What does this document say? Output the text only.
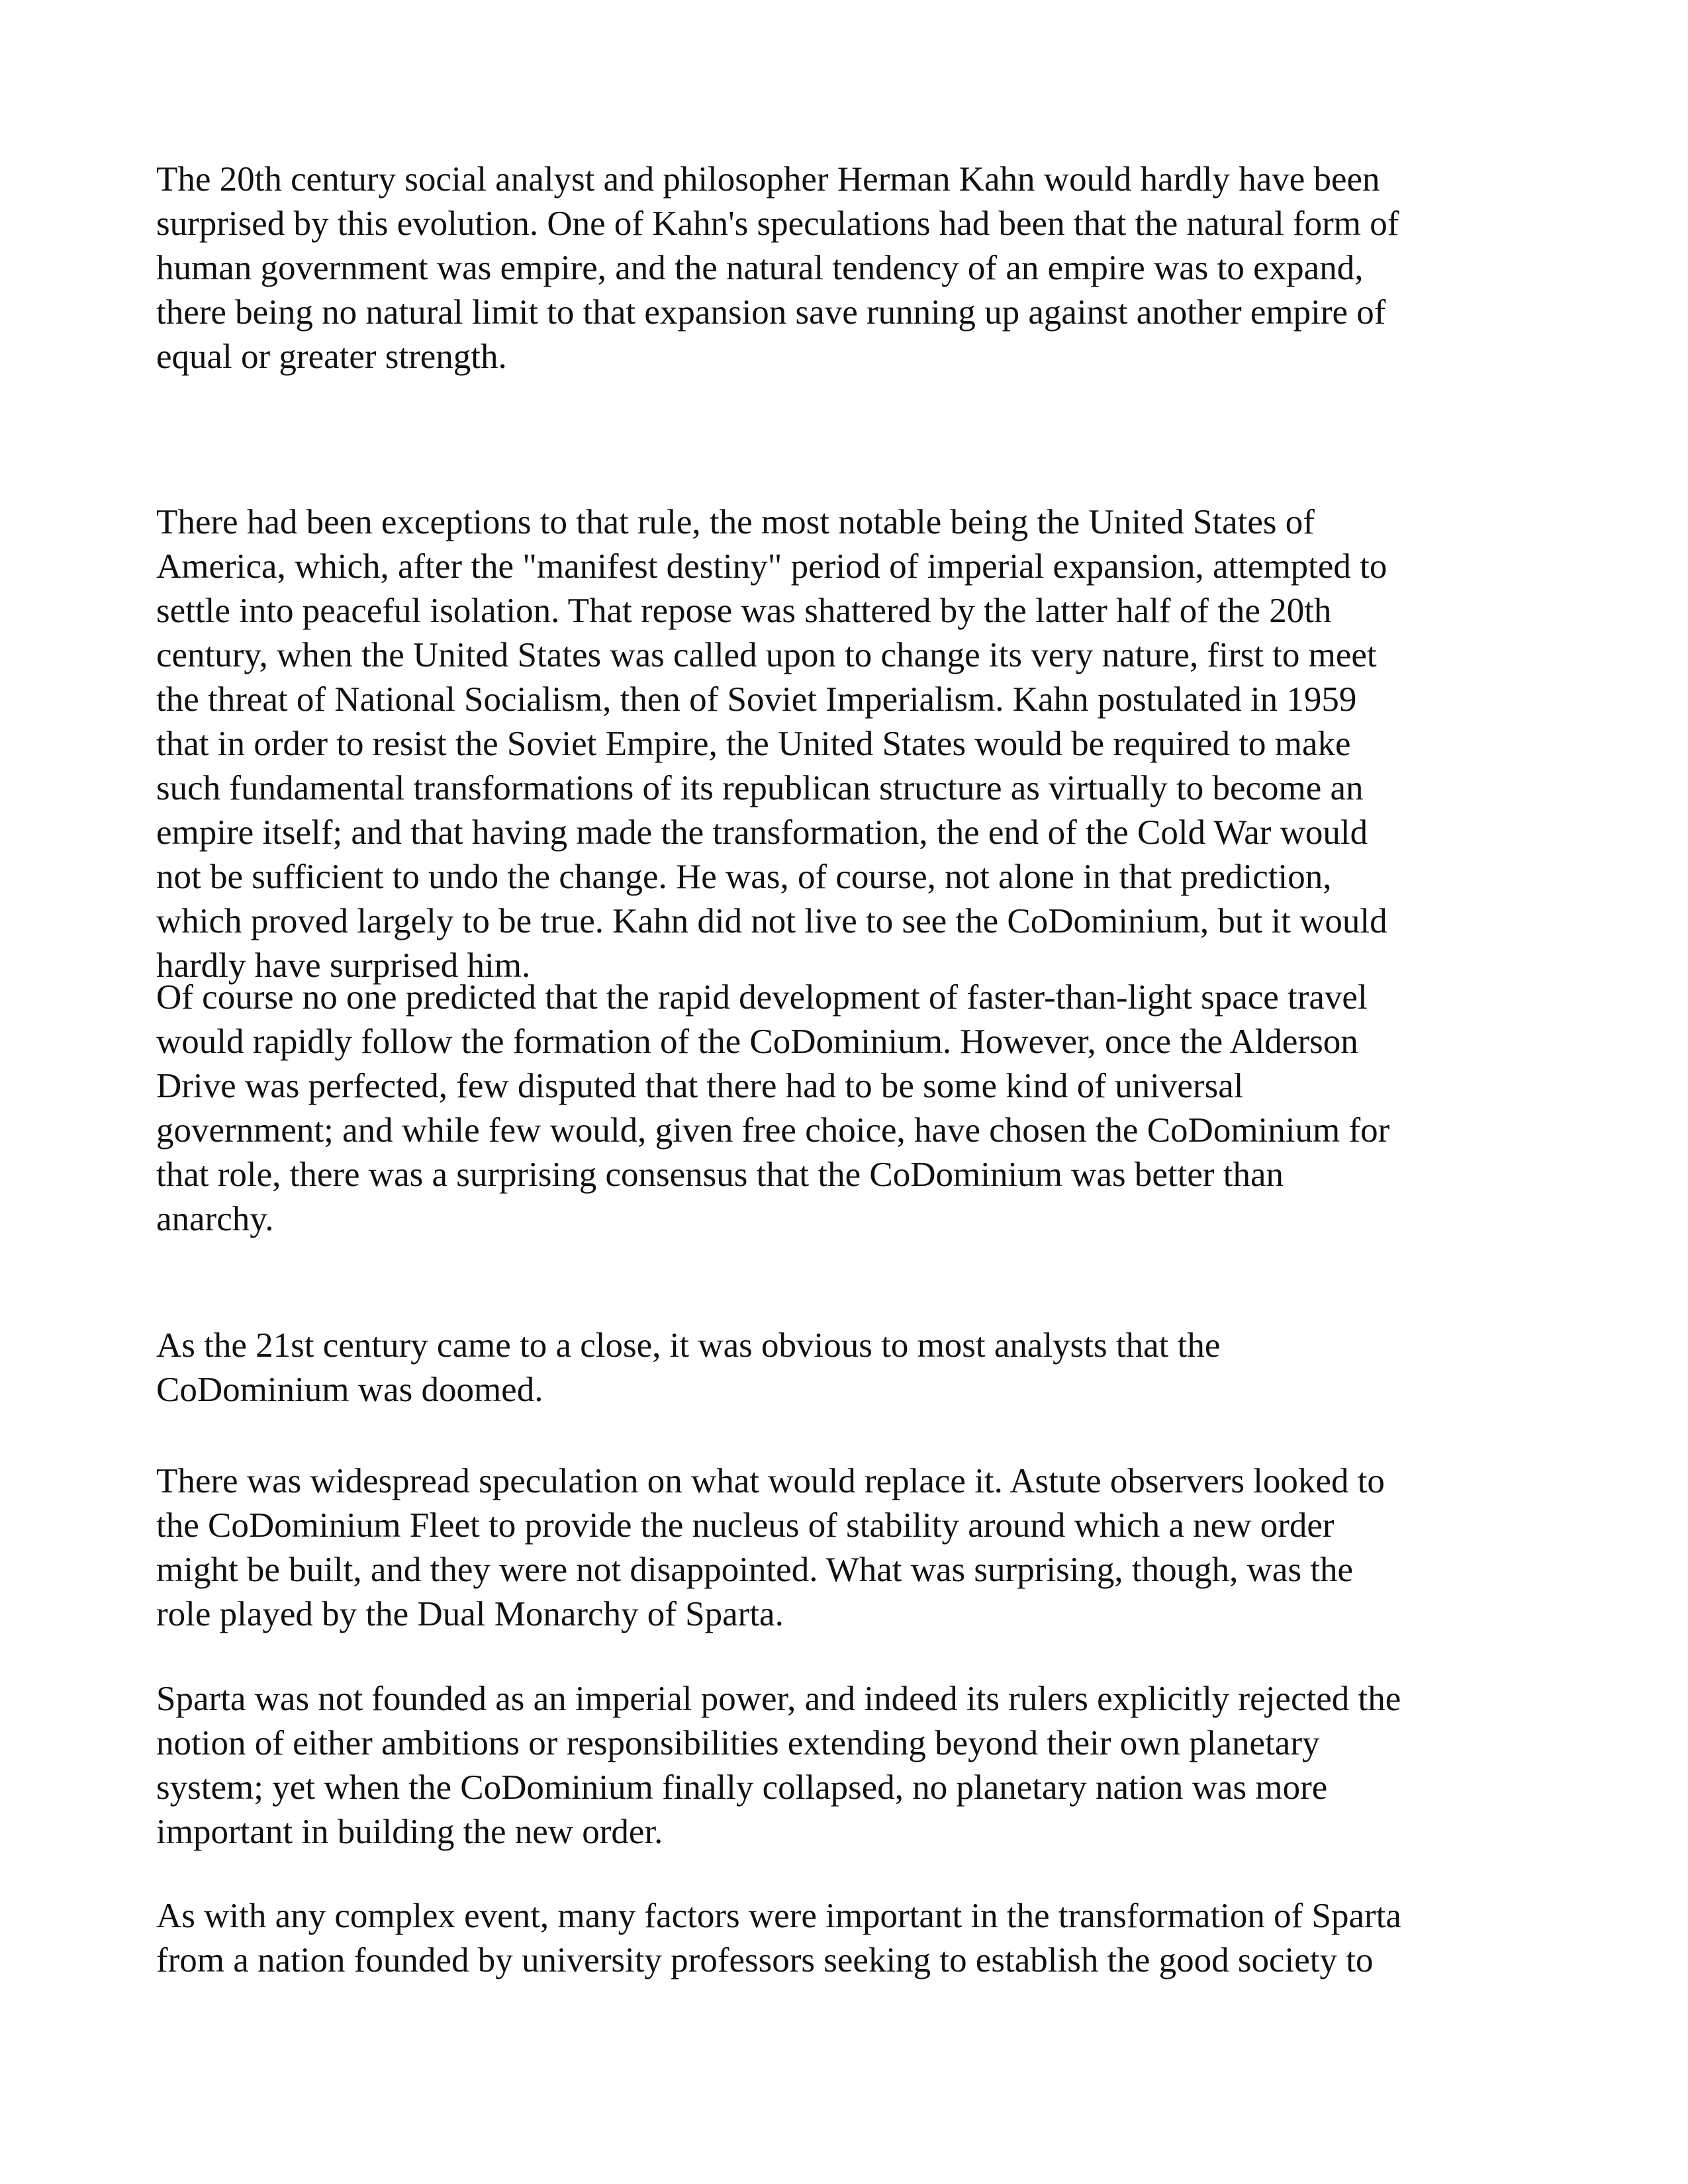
The 20th century social analyst and philosopher Herman Kahn would hardly have been
surprised by this evolution. One of Kahn's speculations had been that the natural form of
human government was empire, and the natural tendency of an empire was to expand,
there being no natural limit to that expansion save running up against another empire of
equal or greater strength.
There had been exceptions to that rule, the most notable being the United States of
America, which, after the "manifest destiny" period of imperial expansion, attempted to
settle into peaceful isolation. That repose was shattered by the latter half of the 20th
century, when the United States was called upon to change its very nature, first to meet
the threat of National Socialism, then of Soviet Imperialism. Kahn postulated in 1959
that in order to resist the Soviet Empire, the United States would be required to make
such fundamental transformations of its republican structure as virtually to become an
empire itself; and that having made the transformation, the end of the Cold War would
not be sufficient to undo the change. He was, of course, not alone in that prediction,
which proved largely to be true. Kahn did not live to see the CoDominium, but it would
hardly have surprised him.
Of course no one predicted that the rapid development of faster-than-light space travel
would rapidly follow the formation of the CoDominium. However, once the Alderson
Drive was perfected, few disputed that there had to be some kind of universal
government; and while few would, given free choice, have chosen the CoDominium for
that role, there was a surprising consensus that the CoDominium was better than
anarchy.
As the 21st century came to a close, it was obvious to most analysts that the
CoDominium was doomed.
There was widespread speculation on what would replace it. Astute observers looked to
the CoDominium Fleet to provide the nucleus of stability around which a new order
might be built, and they were not disappointed. What was surprising, though, was the
role played by the Dual Monarchy of Sparta.
Sparta was not founded as an imperial power, and indeed its rulers explicitly rejected the
notion of either ambitions or responsibilities extending beyond their own planetary
system; yet when the CoDominium finally collapsed, no planetary nation was more
important in building the new order.
As with any complex event, many factors were important in the transformation of Sparta
from a nation founded by university professors seeking to establish the good society to
